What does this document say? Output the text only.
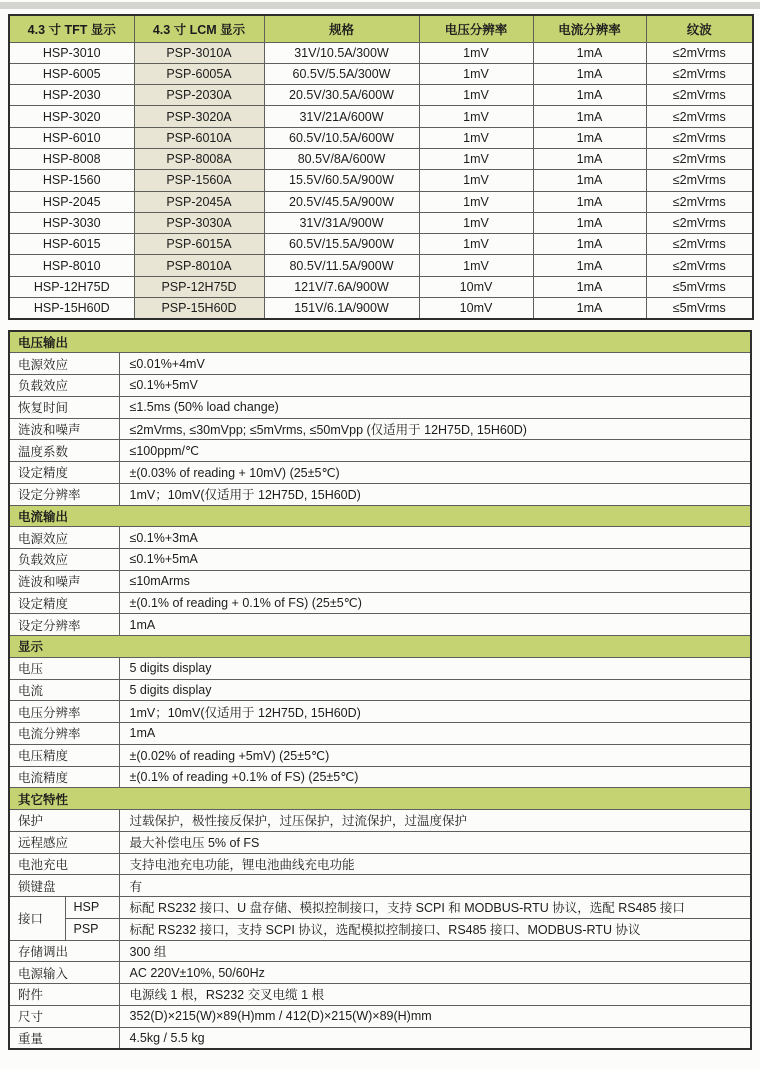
4.3 寸 TFT 显示	4.3 寸 LCM 显示	规格	电压分辨率	电流分辨率	纹波
HSP-3010	PSP-3010A	31V/10.5A/300W	1mV	1mA	≤2mVrms
HSP-6005	PSP-6005A	60.5V/5.5A/300W	1mV	1mA	≤2mVrms
HSP-2030	PSP-2030A	20.5V/30.5A/600W	1mV	1mA	≤2mVrms
HSP-3020	PSP-3020A	31V/21A/600W	1mV	1mA	≤2mVrms
HSP-6010	PSP-6010A	60.5V/10.5A/600W	1mV	1mA	≤2mVrms
HSP-8008	PSP-8008A	80.5V/8A/600W	1mV	1mA	≤2mVrms
HSP-1560	PSP-1560A	15.5V/60.5A/900W	1mV	1mA	≤2mVrms
HSP-2045	PSP-2045A	20.5V/45.5A/900W	1mV	1mA	≤2mVrms
HSP-3030	PSP-3030A	31V/31A/900W	1mV	1mA	≤2mVrms
HSP-6015	PSP-6015A	60.5V/15.5A/900W	1mV	1mA	≤2mVrms
HSP-8010	PSP-8010A	80.5V/11.5A/900W	1mV	1mA	≤2mVrms
HSP-12H75D	PSP-12H75D	121V/7.6A/900W	10mV	1mA	≤5mVrms
HSP-15H60D	PSP-15H60D	151V/6.1A/900W	10mV	1mA	≤5mVrms
电压输出		
电源效应		≤0.01%+4mV
负载效应		≤0.1%+5mV
恢复时间		≤1.5ms (50% load change)
涟波和噪声		≤2mVrms, ≤30mVpp; ≤5mVrms, ≤50mVpp (仅适用于 12H75D, 15H60D)
温度系数		≤100ppm/℃
设定精度		±(0.03% of reading + 10mV) (25±5℃)
设定分辨率		1mV；10mV(仅适用于 12H75D, 15H60D)
电流输出		
电源效应		≤0.1%+3mA
负载效应		≤0.1%+5mA
涟波和噪声		≤10mArms
设定精度		±(0.1% of reading + 0.1% of FS) (25±5℃)
设定分辨率		1mA
显示		
电压		5 digits display
电流		5 digits display
电压分辨率		1mV；10mV(仅适用于 12H75D, 15H60D)
电流分辨率		1mA
电压精度		±(0.02% of reading +5mV) (25±5℃)
电流精度		±(0.1% of reading +0.1% of FS) (25±5℃)
其它特性		
保护		过载保护，极性接反保护，过压保护，过流保护，过温度保护
远程感应		最大补偿电压 5% of FS
电池充电		支持电池充电功能，锂电池曲线充电功能
锁键盘		有
接口	HSP	标配 RS232 接口、U 盘存储、模拟控制接口，支持 SCPI 和 MODBUS-RTU 协议，选配 RS485 接口
	PSP	标配 RS232 接口，支持 SCPI 协议，选配模拟控制接口、RS485 接口、MODBUS-RTU 协议
存储调出		300 组
电源输入		AC 220V±10%, 50/60Hz
附件		电源线 1 根，RS232 交叉电缆 1 根
尺寸		352(D)×215(W)×89(H)mm / 412(D)×215(W)×89(H)mm
重量		4.5kg / 5.5 kg
